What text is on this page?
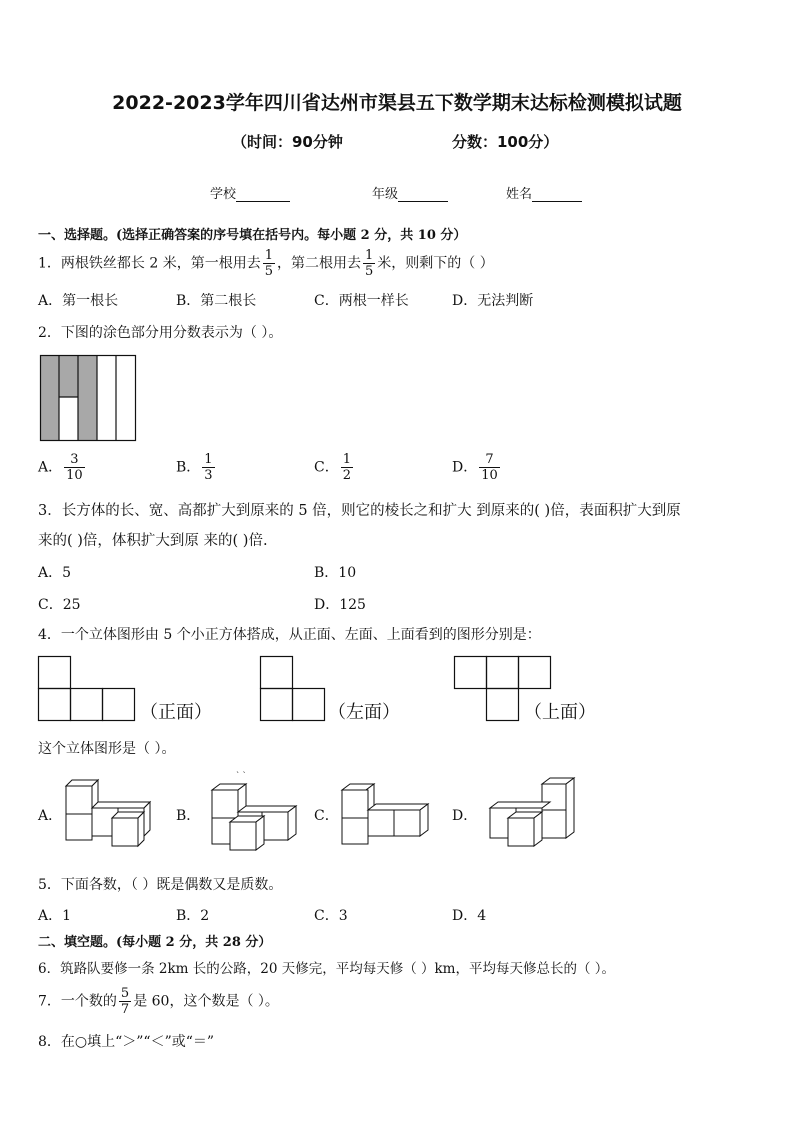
2022-2023学年四川省达州市渠县五下数学期末达标检测模拟试题
（时间：90分钟	分数：100分）
学校	年级	姓名
一、选择题。(选择正确答案的序号填在括号内。每小题 2 分，共 10 分）
1．两根铁丝都长 2 米，第一根用去 $\frac{1}{5}$ ，第二根用去 $\frac{1}{5}$ 米，则剩下的（ ）
A．第一根长	B．第二根长	C．两根一样长	D．无法判断
2．下图的涂色部分用分数表示为（ ）。
A． $\frac{3}{10}$	B． $\frac{1}{3}$	C． $\frac{1}{2}$	D． $\frac{7}{10}$
3．长方体的长、宽、高都扩大到原来的 5 倍，则它的棱长之和扩大 到原来的( )倍，表面积扩大到原
来的( )倍，体积扩大到原 来的( )倍.
A．5	B．10
C．25	D．125
4．一个立体图形由 5 个小正方体搭成，从正面、左面、上面看到的图形分别是：
（正面）	（左面）	（上面）
这个立体图形是（ ）。
A．	B．
` `
C．	D．
5．下面各数，（ ）既是偶数又是质数。
A．1	B．2	C．3	D．4
二、填空题。(每小题 2 分，共 28 分）
6．筑路队要修一条 2km 长的公路，20 天修完，平均每天修（ ）km，平均每天修总长的（ ）。
7．一个数的 $\frac{5}{7}$ 是 60，这个数是（ ）。
8．在○填上“＞”“＜”或“＝”
